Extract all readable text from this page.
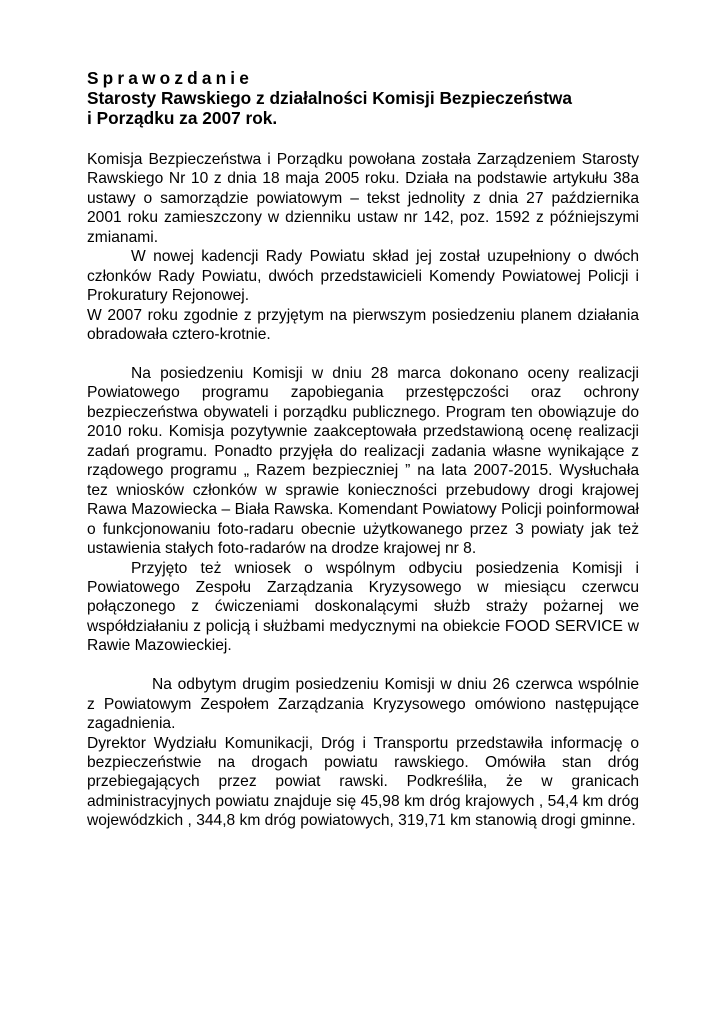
Sprawozdanie
Starosty Rawskiego z działalności Komisji Bezpieczeństwa
i Porządku za 2007 rok.

Komisja Bezpieczeństwa i Porządku powołana została Zarządzeniem Starosty Rawskiego Nr 10 z dnia 18 maja 2005 roku. Działa na podstawie artykułu 38a ustawy o samorządzie powiatowym – tekst jednolity z dnia 27 października 2001 roku zamieszczony w dzienniku ustaw nr 142, poz. 1592 z późniejszymi zmianami.

W nowej kadencji Rady Powiatu skład jej został uzupełniony o dwóch członków Rady Powiatu, dwóch przedstawicieli Komendy Powiatowej Policji i Prokuratury Rejonowej.

W 2007 roku zgodnie z przyjętym na pierwszym posiedzeniu planem działania obradowała cztero-krotnie.

Na posiedzeniu Komisji w dniu 28 marca dokonano oceny realizacji Powiatowego programu zapobiegania przestępczości oraz ochrony bezpieczeństwa obywateli i porządku publicznego. Program ten obowiązuje do 2010 roku. Komisja pozytywnie zaakceptowała przedstawioną ocenę realizacji zadań programu. Ponadto przyjęła do realizacji zadania własne wynikające z rządowego programu „ Razem bezpieczniej ” na lata 2007-2015. Wysłuchała tez wniosków członków w sprawie konieczności przebudowy drogi krajowej Rawa Mazowiecka – Biała Rawska. Komendant Powiatowy Policji poinformował o funkcjonowaniu foto-radaru obecnie użytkowanego przez 3 powiaty jak też ustawienia stałych foto-radarów na drodze krajowej nr 8.

Przyjęto też wniosek o wspólnym odbyciu posiedzenia Komisji i Powiatowego Zespołu Zarządzania Kryzysowego w miesiącu czerwcu połączonego z ćwiczeniami doskonalącymi służb straży pożarnej we współdziałaniu z policją i służbami medycznymi na obiekcie FOOD SERVICE w Rawie Mazowieckiej.

Na odbytym drugim posiedzeniu Komisji w dniu 26 czerwca wspólnie z Powiatowym Zespołem Zarządzania Kryzysowego omówiono następujące zagadnienia.

Dyrektor Wydziału Komunikacji, Dróg i Transportu przedstawiła informację o bezpieczeństwie na drogach powiatu rawskiego. Omówiła stan dróg przebiegających przez powiat rawski. Podkreśliła, że w granicach administracyjnych powiatu znajduje się 45,98 km dróg krajowych , 54,4 km dróg wojewódzkich , 344,8 km dróg powiatowych, 319,71 km stanowią drogi gminne.
